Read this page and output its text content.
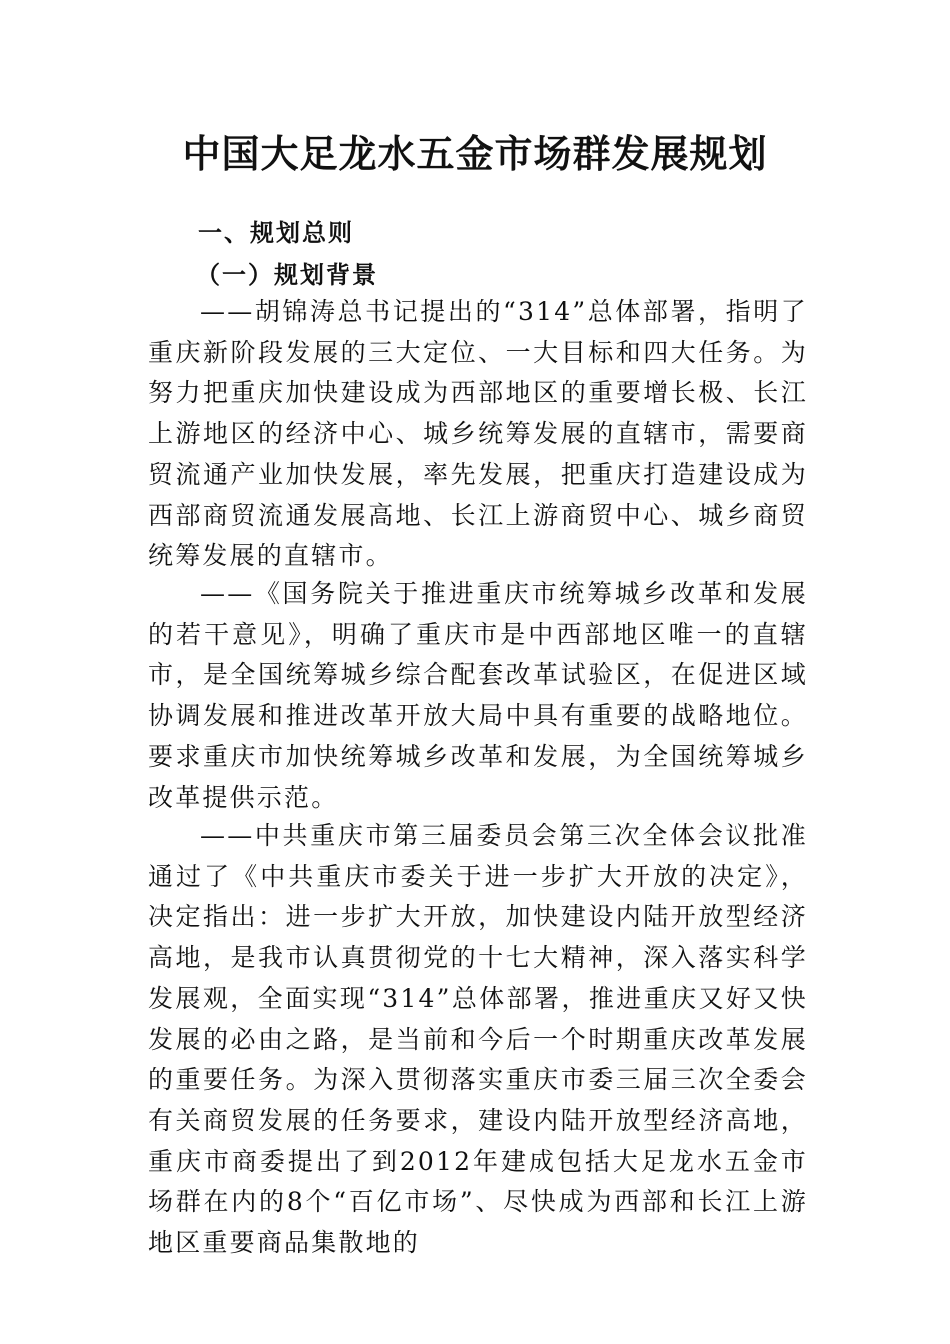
中国大足龙水五金市场群发展规划
一、规划总则
（一）规划背景

——胡锦涛总书记提出的“314”总体部署，指明了重庆新阶段发展的三大定位、一大目标和四大任务。为努力把重庆加快建设成为西部地区的重要增长极、长江上游地区的经济中心、城乡统筹发展的直辖市，需要商贸流通产业加快发展，率先发展，把重庆打造建设成为西部商贸流通发展高地、长江上游商贸中心、城乡商贸统筹发展的直辖市。

——《国务院关于推进重庆市统筹城乡改革和发展的若干意见》，明确了重庆市是中西部地区唯一的直辖市，是全国统筹城乡综合配套改革试验区，在促进区域协调发展和推进改革开放大局中具有重要的战略地位。要求重庆市加快统筹城乡改革和发展，为全国统筹城乡改革提供示范。

——中共重庆市第三届委员会第三次全体会议批准通过了《中共重庆市委关于进一步扩大开放的决定》，决定指出：进一步扩大开放，加快建设内陆开放型经济高地，是我市认真贯彻党的十七大精神，深入落实科学发展观，全面实现“314”总体部署，推进重庆又好又快发展的必由之路，是当前和今后一个时期重庆改革发展的重要任务。为深入贯彻落实重庆市委三届三次全委会有关商贸发展的任务要求，建设内陆开放型经济高地，重庆市商委提出了到2012年建成包括大足龙水五金市场群在内的8个“百亿市场”、尽快成为西部和长江上游地区重要商品集散地的
